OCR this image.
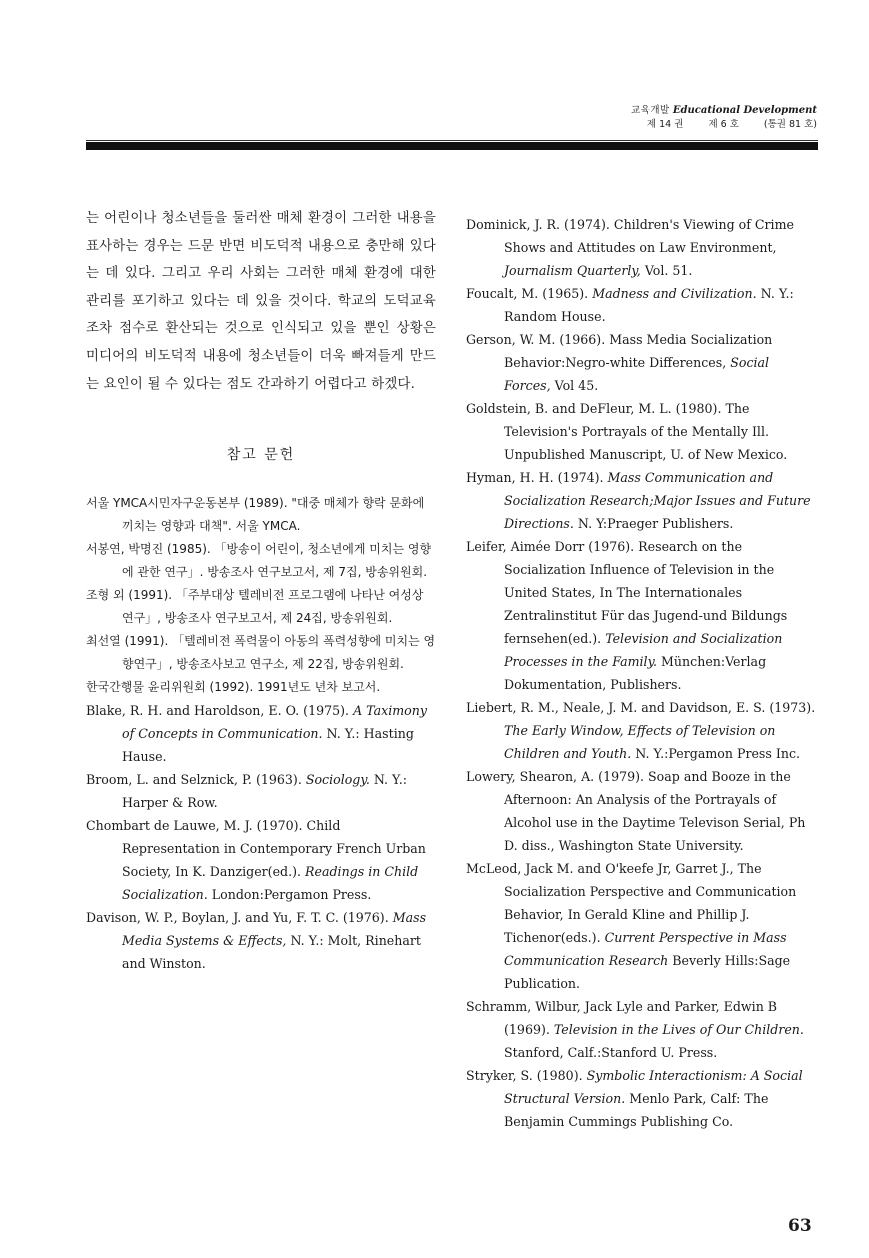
교육개발 Educational Development
제 14 권	제 6 호	(통권 81 호)

는 어린이나 청소년들을 둘러싼 매체 환경이 그러한 내용을 표사하는 경우는 드문 반면 비도덕적 내용으로 충만해 있다는 데 있다. 그리고 우리 사회는 그러한 매체 환경에 대한 관리를 포기하고 있다는 데 있을 것이다. 학교의 도덕교육조차 점수로 환산되는 것으로 인식되고 있을 뿐인 상황은 미디어의 비도덕적 내용에 청소년들이 더욱 빠져들게 만드는 요인이 될 수 있다는 점도 간과하기 어렵다고 하겠다.

참고 문헌

서울 YMCA시민자구운동본부 (1989). "대중 매체가 향락 문화에 끼치는 영향과 대책". 서울 YMCA.

서봉연, 박명진 (1985). 「방송이 어린이, 청소년에게 미치는 영향에 관한 연구」. 방송조사 연구보고서, 제 7집, 방송위원회.

조형 외 (1991). 「주부대상 텔레비전 프로그램에 나타난 여성상 연구」, 방송조사 연구보고서, 제 24집, 방송위원회.

최선열 (1991). 「텔레비전 폭력물이 아동의 폭력성향에 미치는 영향연구」, 방송조사보고 연구소, 제 22집, 방송위원회.

한국간행물 윤리위원회 (1992). 1991년도 년차 보고서.

Blake, R. H. and Haroldson, E. O. (1975). A Taximony of Concepts in Communication. N. Y.: Hasting Hause.

Broom, L. and Selznick, P. (1963). Sociology. N. Y.: Harper & Row.

Chombart de Lauwe, M. J. (1970). Child Representation in Contemporary French Urban Society, In K. Danziger(ed.). Readings in Child Socialization. London:Pergamon Press.

Davison, W. P., Boylan, J. and Yu, F. T. C. (1976). Mass Media Systems & Effects, N. Y.: Molt, Rinehart and Winston.

Dominick, J. R. (1974). Children's Viewing of Crime Shows and Attitudes on Law Environment, Journalism Quarterly, Vol. 51.

Foucalt, M. (1965). Madness and Civilization. N. Y.: Random House.

Gerson, W. M. (1966). Mass Media Socialization Behavior:Negro-white Differences, Social Forces, Vol 45.

Goldstein, B. and DeFleur, M. L. (1980). The Television's Portrayals of the Mentally Ill. Unpublished Manuscript, U. of New Mexico.

Hyman, H. H. (1974). Mass Communication and Socialization Research;Major Issues and Future Directions. N. Y:Praeger Publishers.

Leifer, Aimée Dorr (1976). Research on the Socialization Influence of Television in the United States, In The Internationales Zentralinstitut Für das Jugend-und Bildungs fernsehen(ed.). Television and Socialization Processes in the Family. München:Verlag Dokumentation, Publishers.

Liebert, R. M., Neale, J. M. and Davidson, E. S. (1973). The Early Window, Effects of Television on Children and Youth. N. Y.:Pergamon Press Inc.

Lowery, Shearon, A. (1979). Soap and Booze in the Afternoon: An Analysis of the Portrayals of Alcohol use in the Daytime Televison Serial, Ph D. diss., Washington State University.

McLeod, Jack M. and O'keefe Jr, Garret J., The Socialization Perspective and Communication Behavior, In Gerald Kline and Phillip J. Tichenor(eds.). Current Perspective in Mass Communication Research Beverly Hills:Sage Publication.

Schramm, Wilbur, Jack Lyle and Parker, Edwin B (1969). Television in the Lives of Our Children. Stanford, Calf.:Stanford U. Press.

Stryker, S. (1980). Symbolic Interactionism: A Social Structural Version. Menlo Park, Calf: The Benjamin Cummings Publishing Co.

63
